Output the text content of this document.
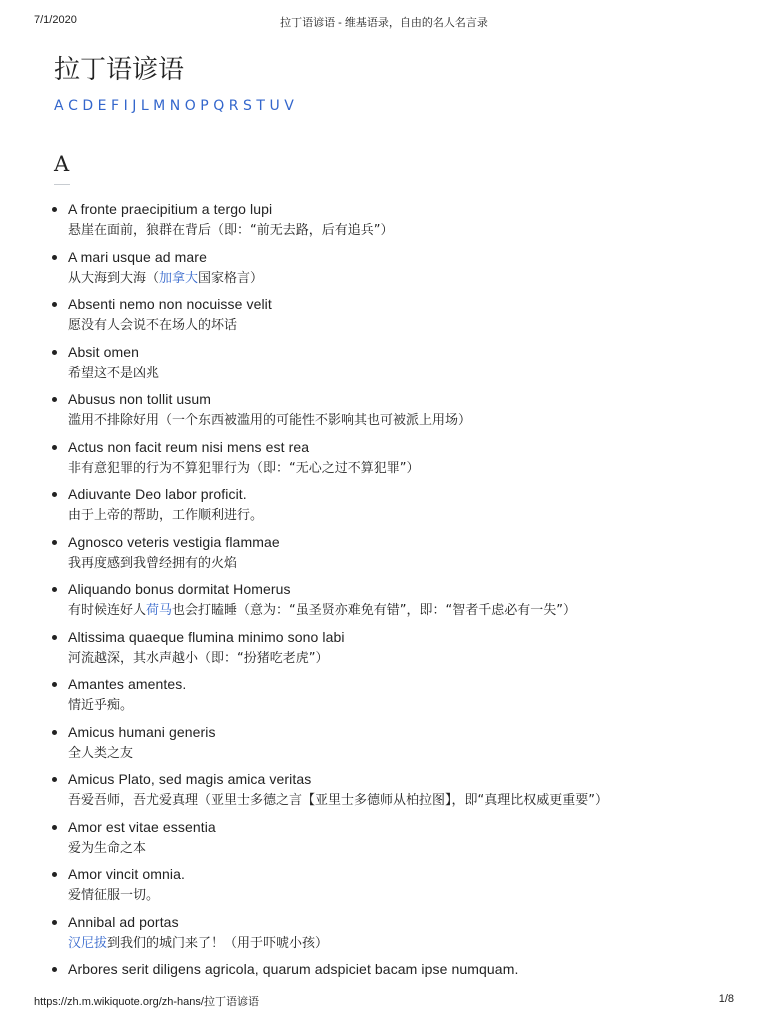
7/1/2020	拉丁语谚语 - 维基语录，自由的名人名言录
拉丁语谚语
A C D E F I J L M N O P Q R S T U V
A
A fronte praecipitium a tergo lupi
悬崖在面前，狼群在背后（即：“前无去路，后有追兵”）
A mari usque ad mare
从大海到大海（加拿大国家格言）
Absenti nemo non nocuisse velit
愿没有人会说不在场人的坏话
Absit omen
希望这不是凶兆
Abusus non tollit usum
滥用不排除好用（一个东西被滥用的可能性不影响其也可被派上用场）
Actus non facit reum nisi mens est rea
非有意犯罪的行为不算犯罪行为（即：“无心之过不算犯罪”）
Adiuvante Deo labor proficit.
由于上帝的帮助，工作顺利进行。
Agnosco veteris vestigia flammae
我再度感到我曾经拥有的火焰
Aliquando bonus dormitat Homerus
有时候连好人荷马也会打瞌睡（意为：“虽圣贤亦难免有错”，即：“智者千虑必有一失”）
Altissima quaeque flumina minimo sono labi
河流越深，其水声越小（即：“扮猪吃老虎”）
Amantes amentes.
情近乎痴。
Amicus humani generis
全人类之友
Amicus Plato, sed magis amica veritas
吾爱吾师，吾尤爱真理（亚里士多德之言【亚里士多德师从柏拉图】，即“真理比权威更重要”）
Amor est vitae essentia
爱为生命之本
Amor vincit omnia.
爱情征服一切。
Annibal ad portas
汉尼拔到我们的城门来了！（用于吓唬小孩）
Arbores serit diligens agricola, quarum adspiciet bacam ipse numquam.
https://zh.m.wikiquote.org/zh-hans/拉丁语谚语	1/8
